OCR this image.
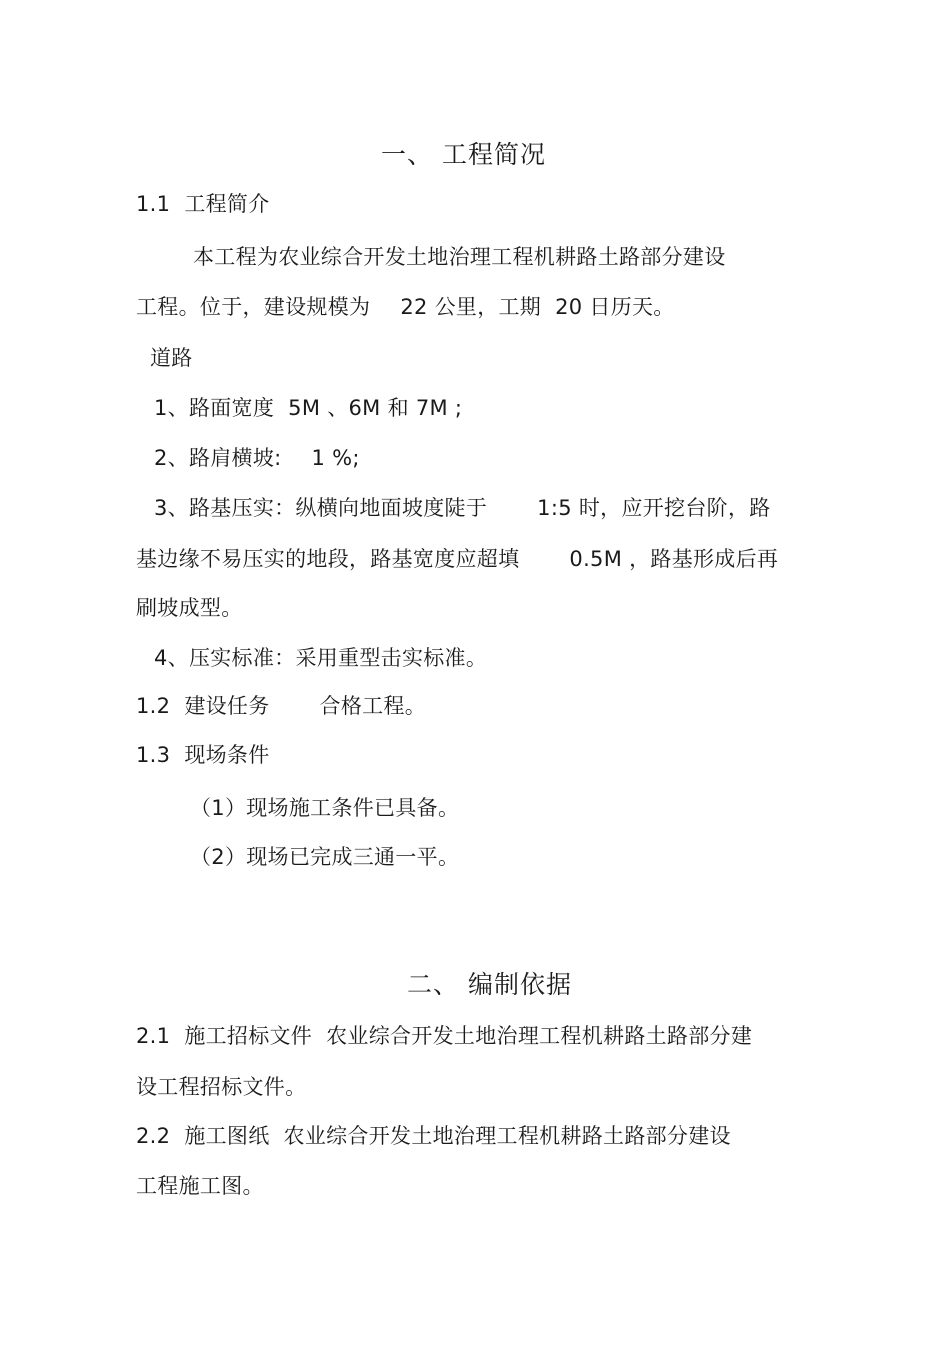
一、 工程简况
1.1 工程简介
本工程为农业综合开发土地治理工程机耕路土路部分建设
工程。位于，建设规模为 22 公里，工期 20 日历天。
道路
1、路面宽度 5M 、6M 和 7M ;
2、路肩横坡: 1 %;
3、路基压实：纵横向地面坡度陡于 1:5 时，应开挖台阶，路
基边缘不易压实的地段，路基宽度应超填 0.5M ，路基形成后再
刷坡成型。
4、压实标准：采用重型击实标准。
1.2 建设任务 合格工程。
1.3 现场条件
（1）现场施工条件已具备。
（2）现场已完成三通一平。
二、 编制依据
2.1 施工招标文件 农业综合开发土地治理工程机耕路土路部分建
设工程招标文件。
2.2 施工图纸 农业综合开发土地治理工程机耕路土路部分建设
工程施工图。
